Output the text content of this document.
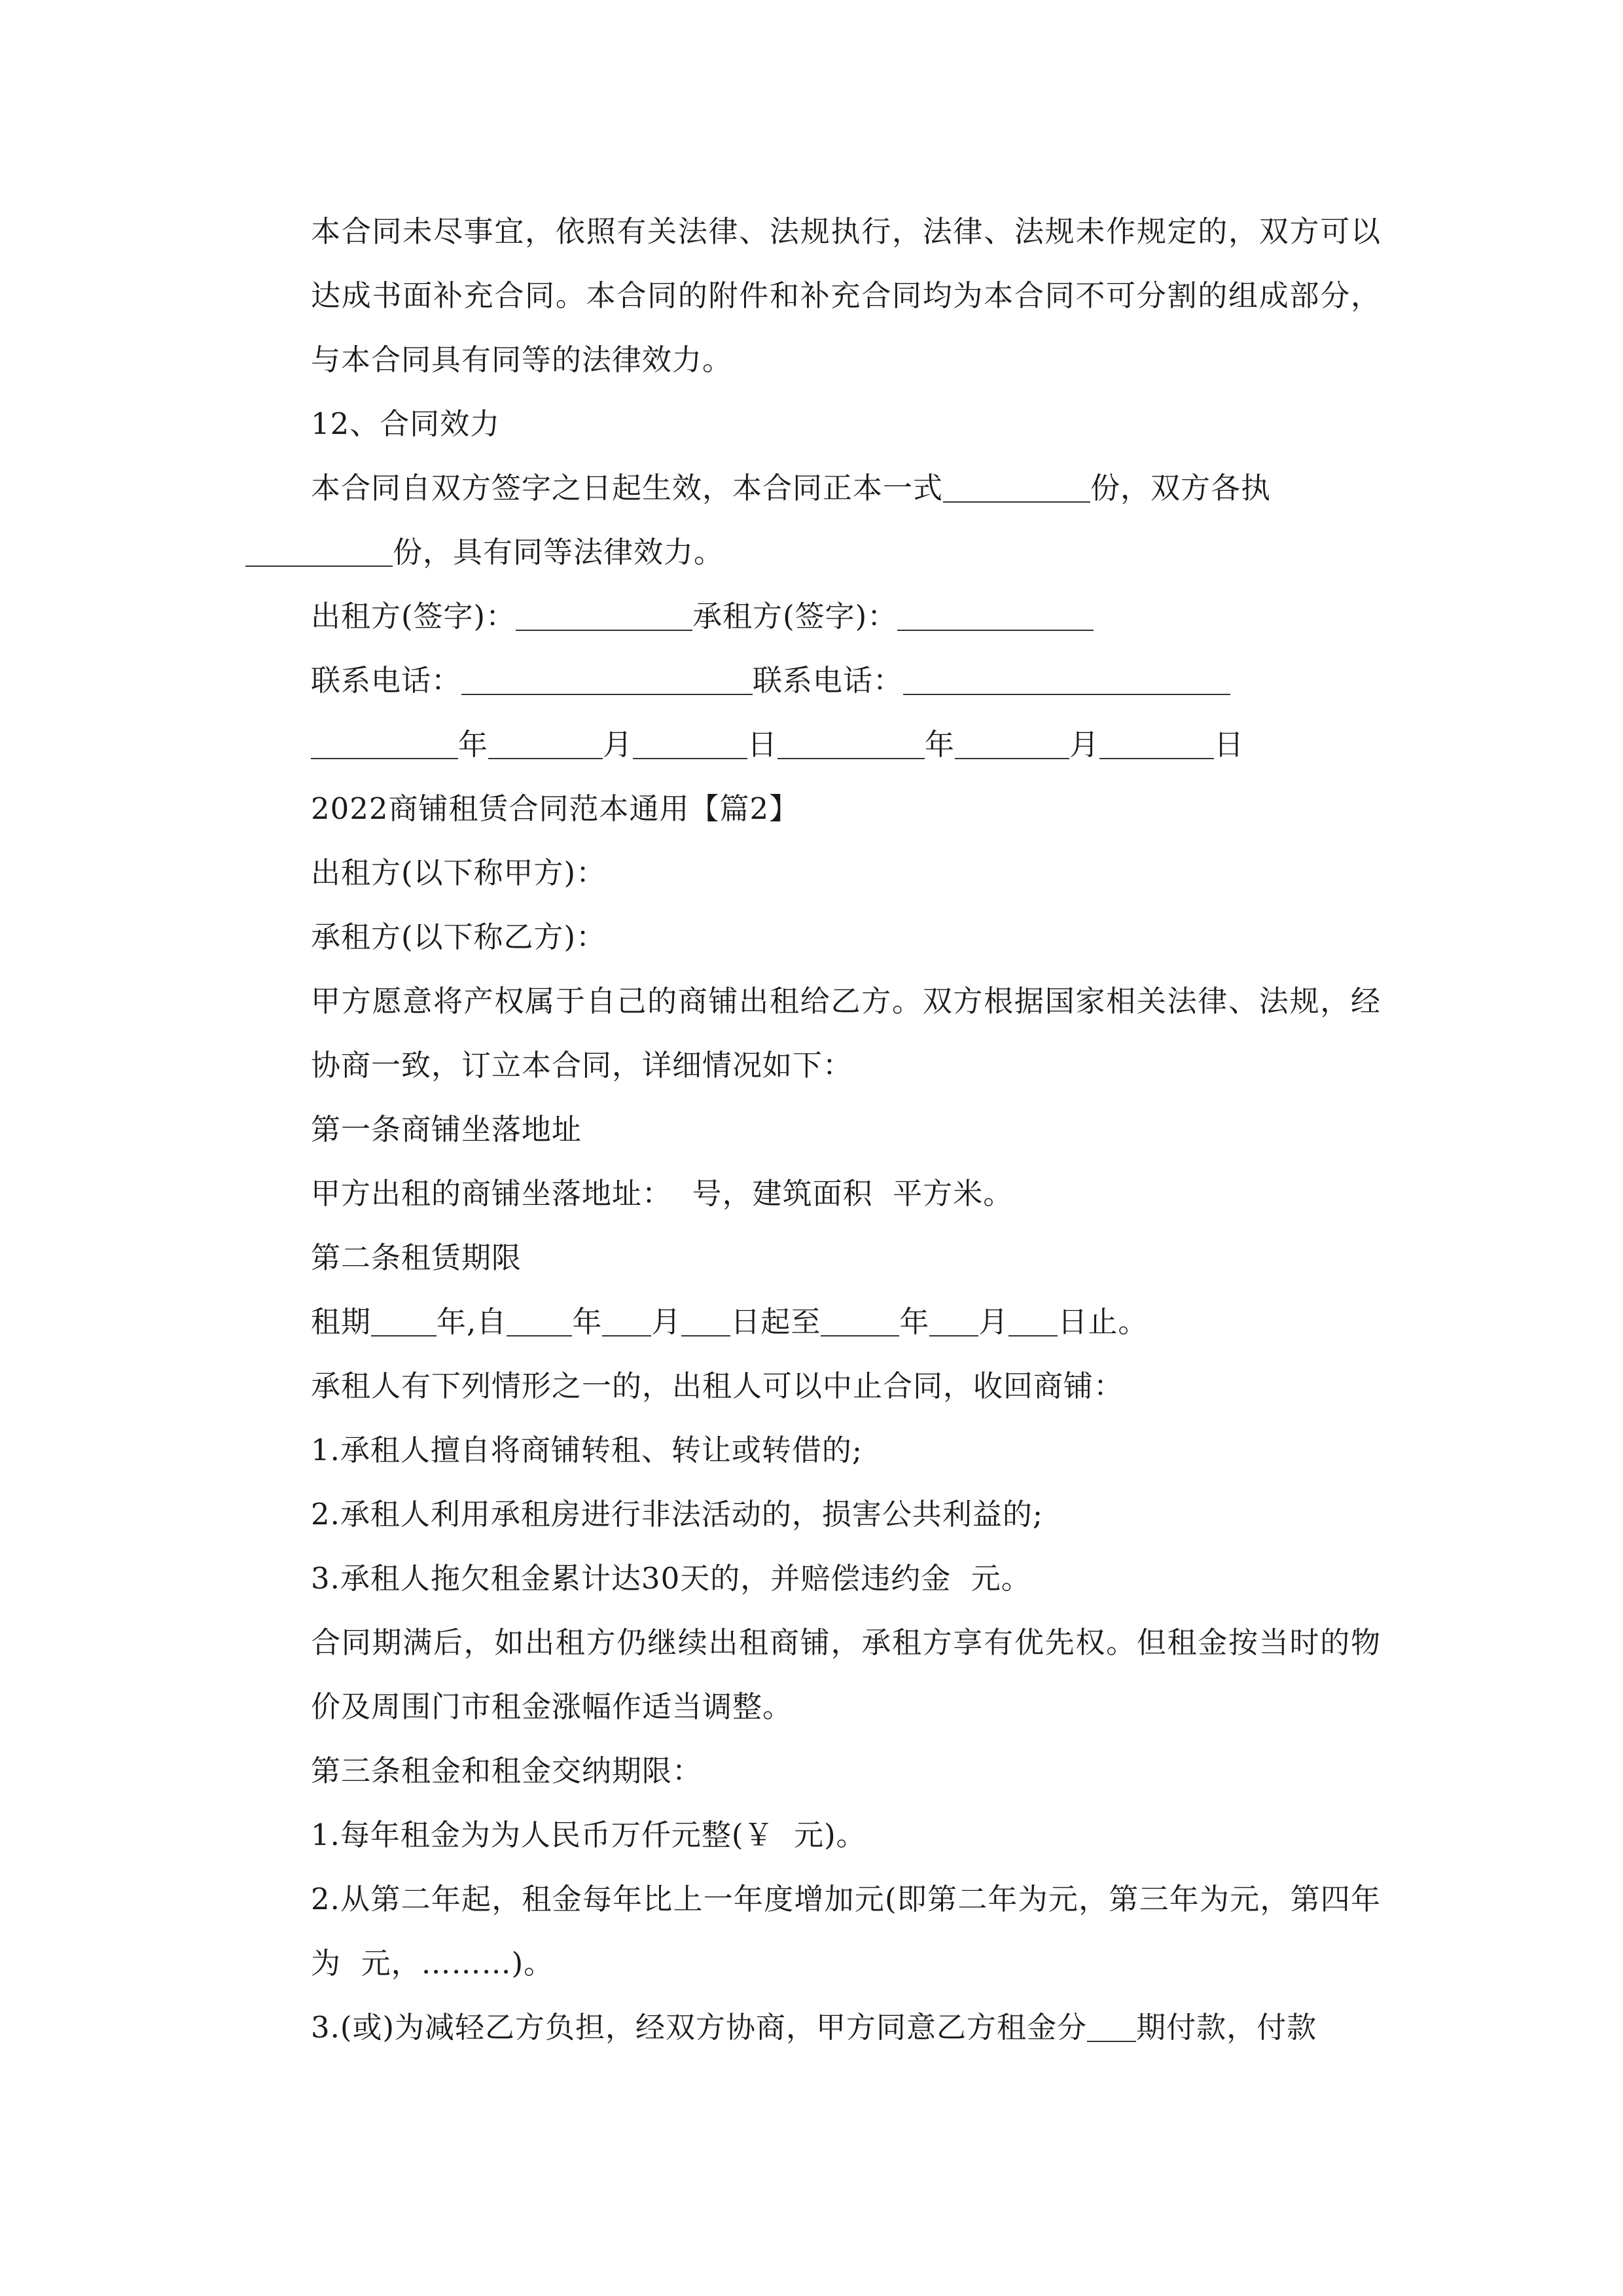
本合同未尽事宜，依照有关法律、法规执行，法律、法规未作规定的，双方可以达成书面补充合同。本合同的附件和补充合同均为本合同不可分割的组成部分，与本合同具有同等的法律效力。

12、合同效力

本合同自双方签字之日起生效，本合同正本一式	份，双方各执

份，具有同等法律效力。

出租方(签字)：	承租方(签字)：

联系电话：	联系电话：

年	月	日	年	月	日

2022商铺租赁合同范本通用【篇2】

出租方(以下称甲方)：

承租方(以下称乙方)：

甲方愿意将产权属于自己的商铺出租给乙方。双方根据国家相关法律、法规，经协商一致，订立本合同，详细情况如下：

第一条商铺坐落地址

甲方出租的商铺坐落地址：  号，建筑面积  平方米。

第二条租赁期限

租期 年,自 年 月 日起至	年 月 日止。

承租人有下列情形之一的，出租人可以中止合同，收回商铺：

1.承租人擅自将商铺转租、转让或转借的;

2.承租人利用承租房进行非法活动的，损害公共利益的;

3.承租人拖欠租金累计达30天的，并赔偿违约金  元。

合同期满后，如出租方仍继续出租商铺，承租方享有优先权。但租金按当时的物价及周围门市租金涨幅作适当调整。

第三条租金和租金交纳期限：

1.每年租金为为人民币万仟元整(￥  元)。

2.从第二年起，租金每年比上一年度增加元(即第二年为元，第三年为元，第四年为  元，………)。

3.(或)为减轻乙方负担，经双方协商，甲方同意乙方租金分 期付款，付款
